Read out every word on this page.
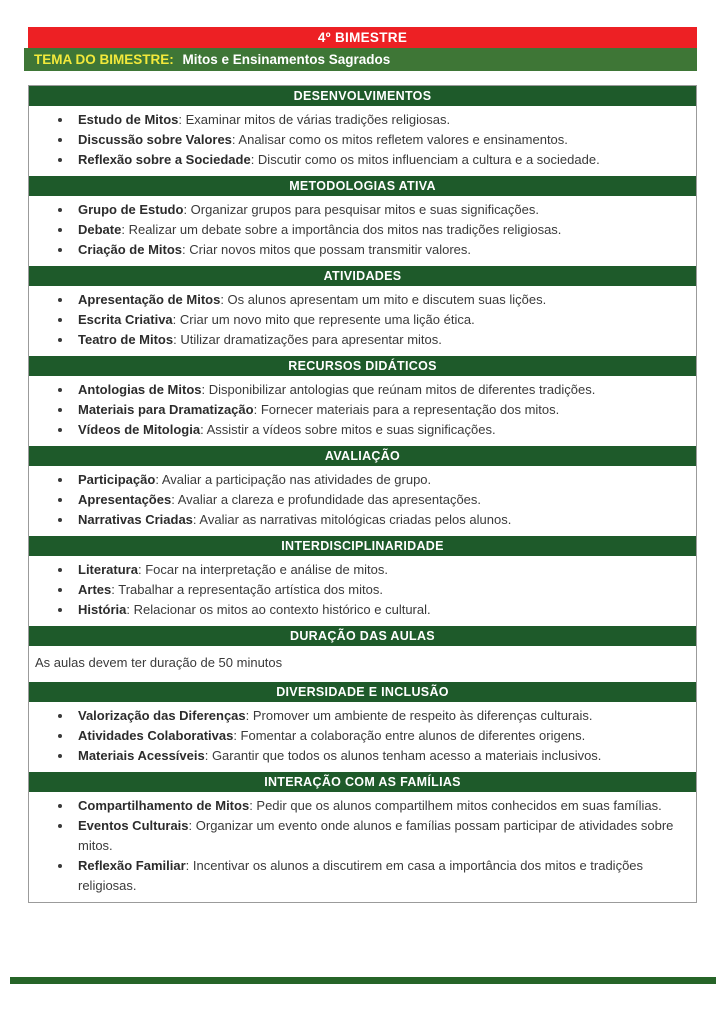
4º BIMESTRE
TEMA DO BIMESTRE: Mitos e Ensinamentos Sagrados
DESENVOLVIMENTOS
• Estudo de Mitos: Examinar mitos de várias tradições religiosas.
• Discussão sobre Valores: Analisar como os mitos refletem valores e ensinamentos.
• Reflexão sobre a Sociedade: Discutir como os mitos influenciam a cultura e a sociedade.
METODOLOGIAS ATIVA
• Grupo de Estudo: Organizar grupos para pesquisar mitos e suas significações.
• Debate: Realizar um debate sobre a importância dos mitos nas tradições religiosas.
• Criação de Mitos: Criar novos mitos que possam transmitir valores.
ATIVIDADES
• Apresentação de Mitos: Os alunos apresentam um mito e discutem suas lições.
• Escrita Criativa: Criar um novo mito que represente uma lição ética.
• Teatro de Mitos: Utilizar dramatizações para apresentar mitos.
RECURSOS DIDÁTICOS
• Antologias de Mitos: Disponibilizar antologias que reúnam mitos de diferentes tradições.
• Materiais para Dramatização: Fornecer materiais para a representação dos mitos.
• Vídeos de Mitologia: Assistir a vídeos sobre mitos e suas significações.
AVALIAÇÃO
• Participação: Avaliar a participação nas atividades de grupo.
• Apresentações: Avaliar a clareza e profundidade das apresentações.
• Narrativas Criadas: Avaliar as narrativas mitológicas criadas pelos alunos.
INTERDISCIPLINARIDADE
• Literatura: Focar na interpretação e análise de mitos.
• Artes: Trabalhar a representação artística dos mitos.
• História: Relacionar os mitos ao contexto histórico e cultural.
DURAÇÃO DAS AULAS
As aulas devem ter duração de 50 minutos
DIVERSIDADE E INCLUSÃO
• Valorização das Diferenças: Promover um ambiente de respeito às diferenças culturais.
• Atividades Colaborativas: Fomentar a colaboração entre alunos de diferentes origens.
• Materiais Acessíveis: Garantir que todos os alunos tenham acesso a materiais inclusivos.
INTERAÇÃO COM AS FAMÍLIAS
• Compartilhamento de Mitos: Pedir que os alunos compartilhem mitos conhecidos em suas famílias.
• Eventos Culturais: Organizar um evento onde alunos e famílias possam participar de atividades sobre mitos.
• Reflexão Familiar: Incentivar os alunos a discutirem em casa a importância dos mitos e tradições religiosas.
